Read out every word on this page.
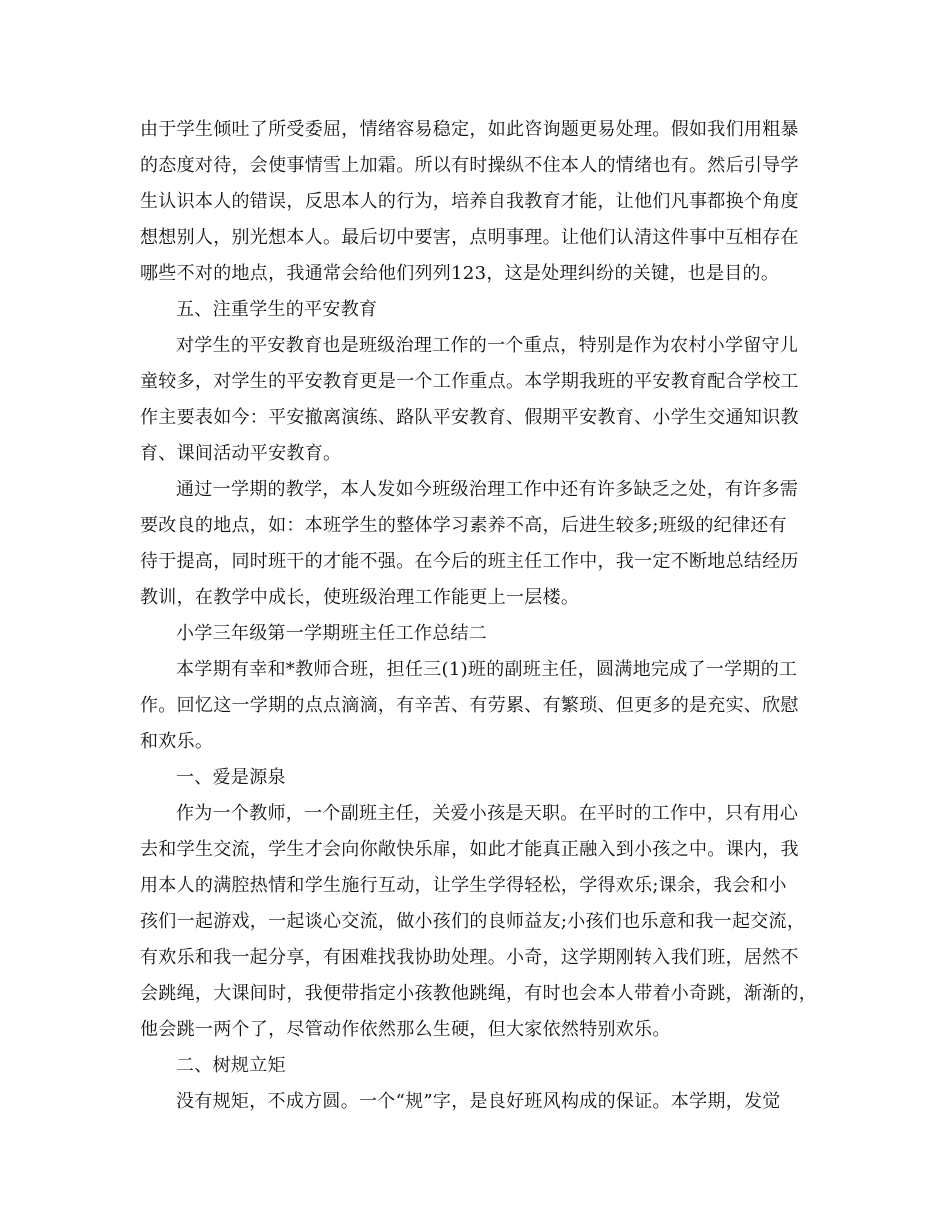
由于学生倾吐了所受委屈，情绪容易稳定，如此咨询题更易处理。假如我们用粗暴
的态度对待，会使事情雪上加霜。所以有时操纵不住本人的情绪也有。然后引导学
生认识本人的错误，反思本人的行为，培养自我教育才能，让他们凡事都换个角度
想想别人，别光想本人。最后切中要害，点明事理。让他们认清这件事中互相存在
哪些不对的地点，我通常会给他们列列123，这是处理纠纷的关键，也是目的。
五、注重学生的平安教育
对学生的平安教育也是班级治理工作的一个重点，特别是作为农村小学留守儿
童较多，对学生的平安教育更是一个工作重点。本学期我班的平安教育配合学校工
作主要表如今：平安撤离演练、路队平安教育、假期平安教育、小学生交通知识教
育、课间活动平安教育。
通过一学期的教学，本人发如今班级治理工作中还有许多缺乏之处，有许多需
要改良的地点，如：本班学生的整体学习素养不高，后进生较多;班级的纪律还有
待于提高，同时班干的才能不强。在今后的班主任工作中，我一定不断地总结经历
教训，在教学中成长，使班级治理工作能更上一层楼。
小学三年级第一学期班主任工作总结二
本学期有幸和*教师合班，担任三(1)班的副班主任，圆满地完成了一学期的工
作。回忆这一学期的点点滴滴，有辛苦、有劳累、有繁琐、但更多的是充实、欣慰
和欢乐。
一、爱是源泉
作为一个教师，一个副班主任，关爱小孩是天职。在平时的工作中，只有用心
去和学生交流，学生才会向你敞快乐扉，如此才能真正融入到小孩之中。课内，我
用本人的满腔热情和学生施行互动，让学生学得轻松，学得欢乐;课余，我会和小
孩们一起游戏，一起谈心交流，做小孩们的良师益友;小孩们也乐意和我一起交流，
有欢乐和我一起分享，有困难找我协助处理。小奇，这学期刚转入我们班，居然不
会跳绳，大课间时，我便带指定小孩教他跳绳，有时也会本人带着小奇跳，渐渐的，
他会跳一两个了，尽管动作依然那么生硬，但大家依然特别欢乐。
二、树规立矩
没有规矩，不成方圆。一个“规”字，是良好班风构成的保证。本学期，发觉
